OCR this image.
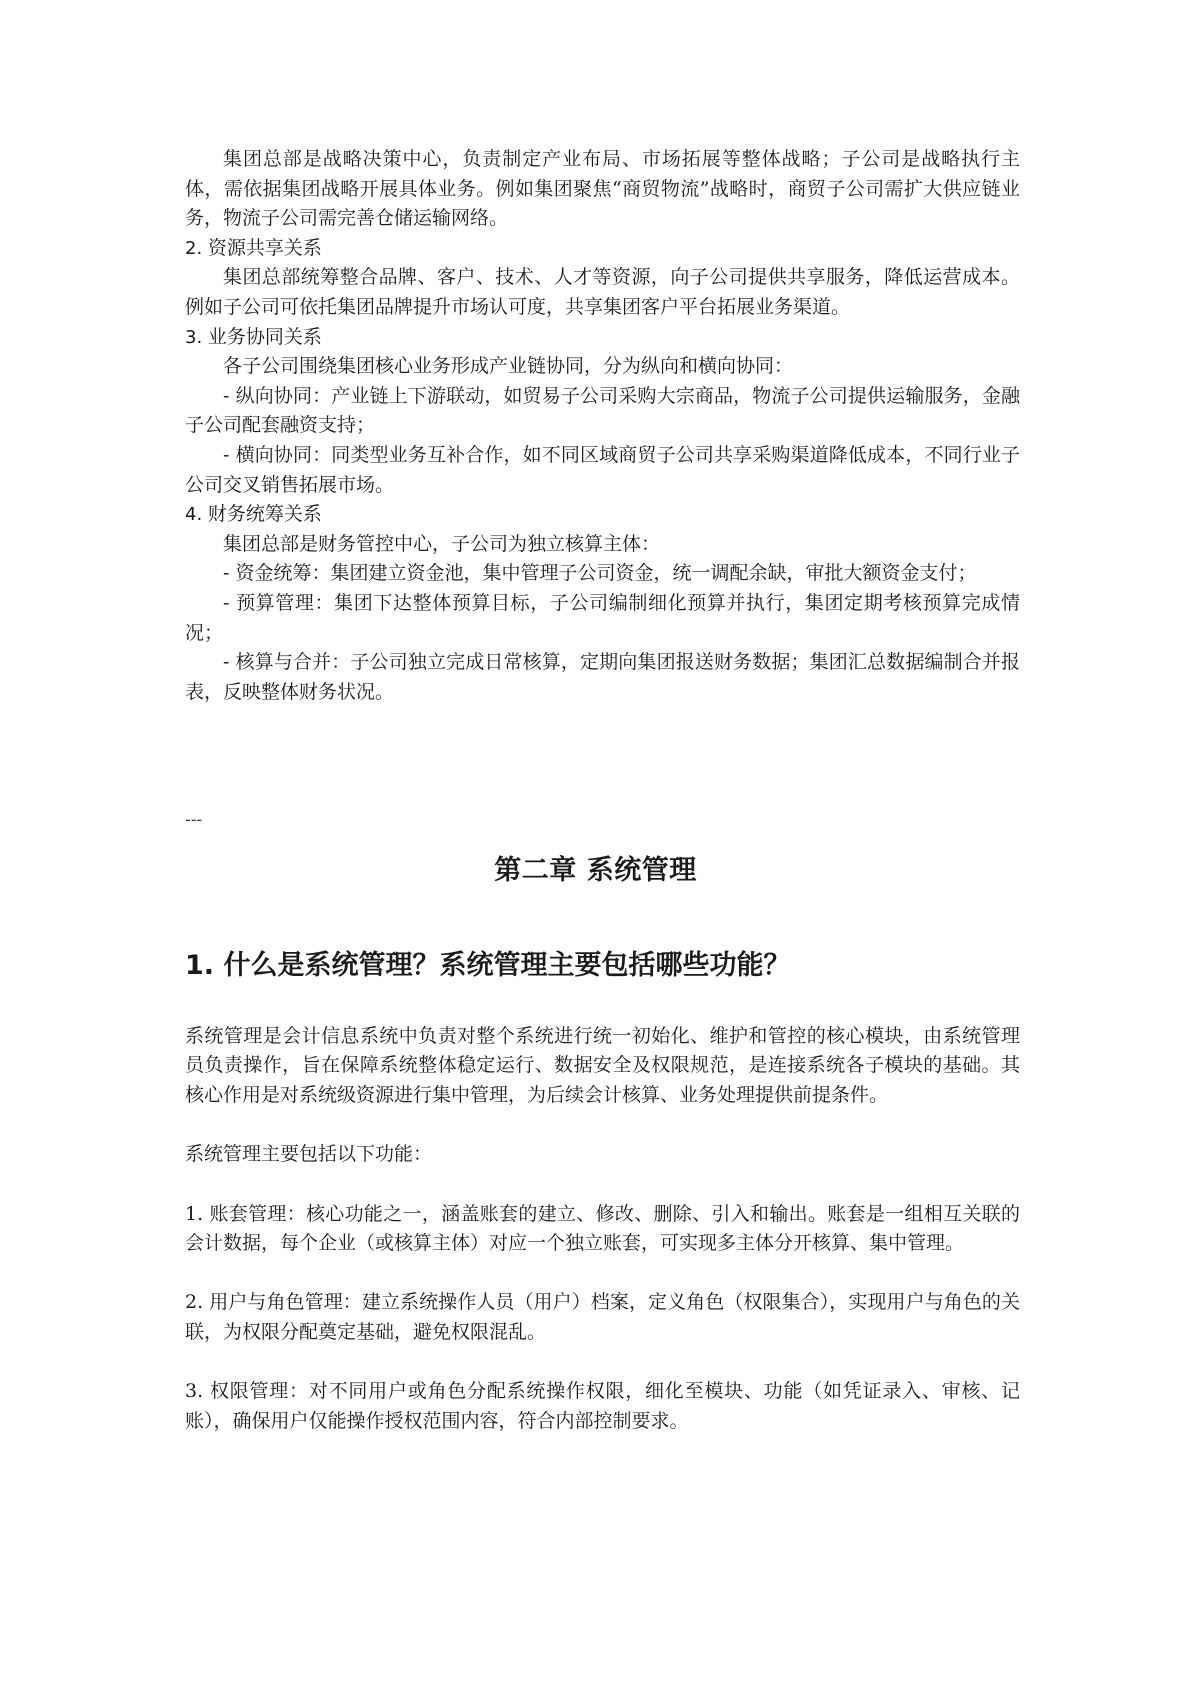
集团总部是战略决策中心，负责制定产业布局、市场拓展等整体战略；子公司是战略执行主体，需依据集团战略开展具体业务。例如集团聚焦“商贸物流”战略时，商贸子公司需扩大供应链业务，物流子公司需完善仓储运输网络。

2. 资源共享关系

集团总部统筹整合品牌、客户、技术、人才等资源，向子公司提供共享服务，降低运营成本。例如子公司可依托集团品牌提升市场认可度，共享集团客户平台拓展业务渠道。

3. 业务协同关系

各子公司围绕集团核心业务形成产业链协同，分为纵向和横向协同：

- 纵向协同：产业链上下游联动，如贸易子公司采购大宗商品，物流子公司提供运输服务，金融子公司配套融资支持；

- 横向协同：同类型业务互补合作，如不同区域商贸子公司共享采购渠道降低成本，不同行业子公司交叉销售拓展市场。

4. 财务统筹关系

集团总部是财务管控中心，子公司为独立核算主体：

- 资金统筹：集团建立资金池，集中管理子公司资金，统一调配余缺，审批大额资金支付；

- 预算管理：集团下达整体预算目标，子公司编制细化预算并执行，集团定期考核预算完成情况；

- 核算与合并：子公司独立完成日常核算，定期向集团报送财务数据；集团汇总数据编制合并报表，反映整体财务状况。

---
第二章 系统管理
1. 什么是系统管理？系统管理主要包括哪些功能？

系统管理是会计信息系统中负责对整个系统进行统一初始化、维护和管控的核心模块，由系统管理员负责操作，旨在保障系统整体稳定运行、数据安全及权限规范，是连接系统各子模块的基础。其核心作用是对系统级资源进行集中管理，为后续会计核算、业务处理提供前提条件。

系统管理主要包括以下功能：

1. 账套管理：核心功能之一，涵盖账套的建立、修改、删除、引入和输出。账套是一组相互关联的会计数据，每个企业（或核算主体）对应一个独立账套，可实现多主体分开核算、集中管理。

2. 用户与角色管理：建立系统操作人员（用户）档案，定义角色（权限集合），实现用户与角色的关联，为权限分配奠定基础，避免权限混乱。

3. 权限管理：对不同用户或角色分配系统操作权限，细化至模块、功能（如凭证录入、审核、记账），确保用户仅能操作授权范围内容，符合内部控制要求。
